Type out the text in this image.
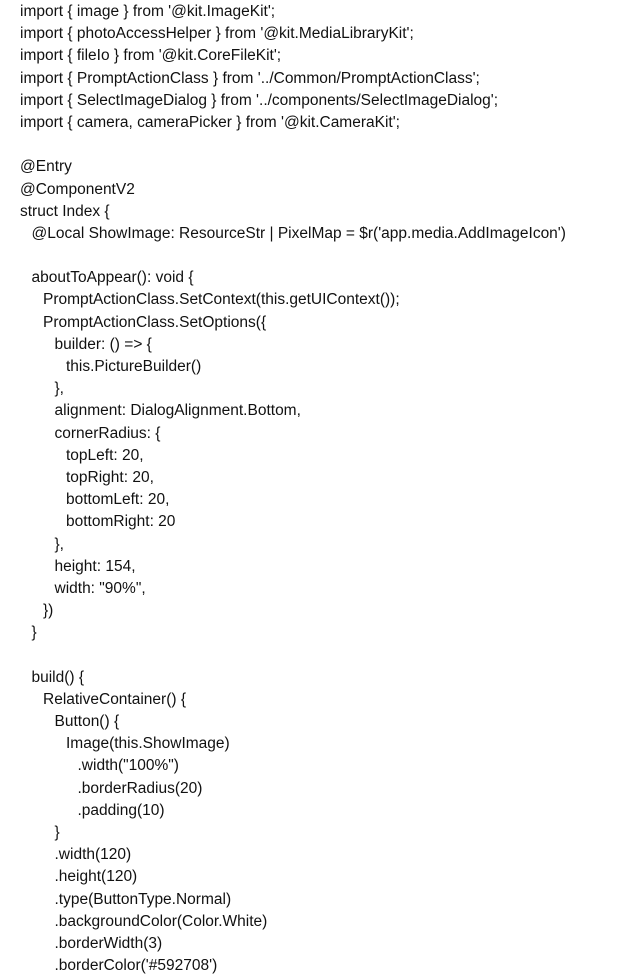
import { image } from '@kit.ImageKit';
import { photoAccessHelper } from '@kit.MediaLibraryKit';
import { fileIo } from '@kit.CoreFileKit';
import { PromptActionClass } from '../Common/PromptActionClass';
import { SelectImageDialog } from '../components/SelectImageDialog';
import { camera, cameraPicker } from '@kit.CameraKit';
@Entry
@ComponentV2
struct Index {
@Local ShowImage: ResourceStr | PixelMap = $r('app.media.AddImageIcon')
aboutToAppear(): void {
PromptActionClass.SetContext(this.getUIContext());
PromptActionClass.SetOptions({
builder: () => {
this.PictureBuilder()
},
alignment: DialogAlignment.Bottom,
cornerRadius: {
topLeft: 20,
topRight: 20,
bottomLeft: 20,
bottomRight: 20
},
height: 154,
width: "90%",
})
}
build() {
RelativeContainer() {
Button() {
Image(this.ShowImage)
.width("100%")
.borderRadius(20)
.padding(10)
}
.width(120)
.height(120)
.type(ButtonType.Normal)
.backgroundColor(Color.White)
.borderWidth(3)
.borderColor('#592708')
